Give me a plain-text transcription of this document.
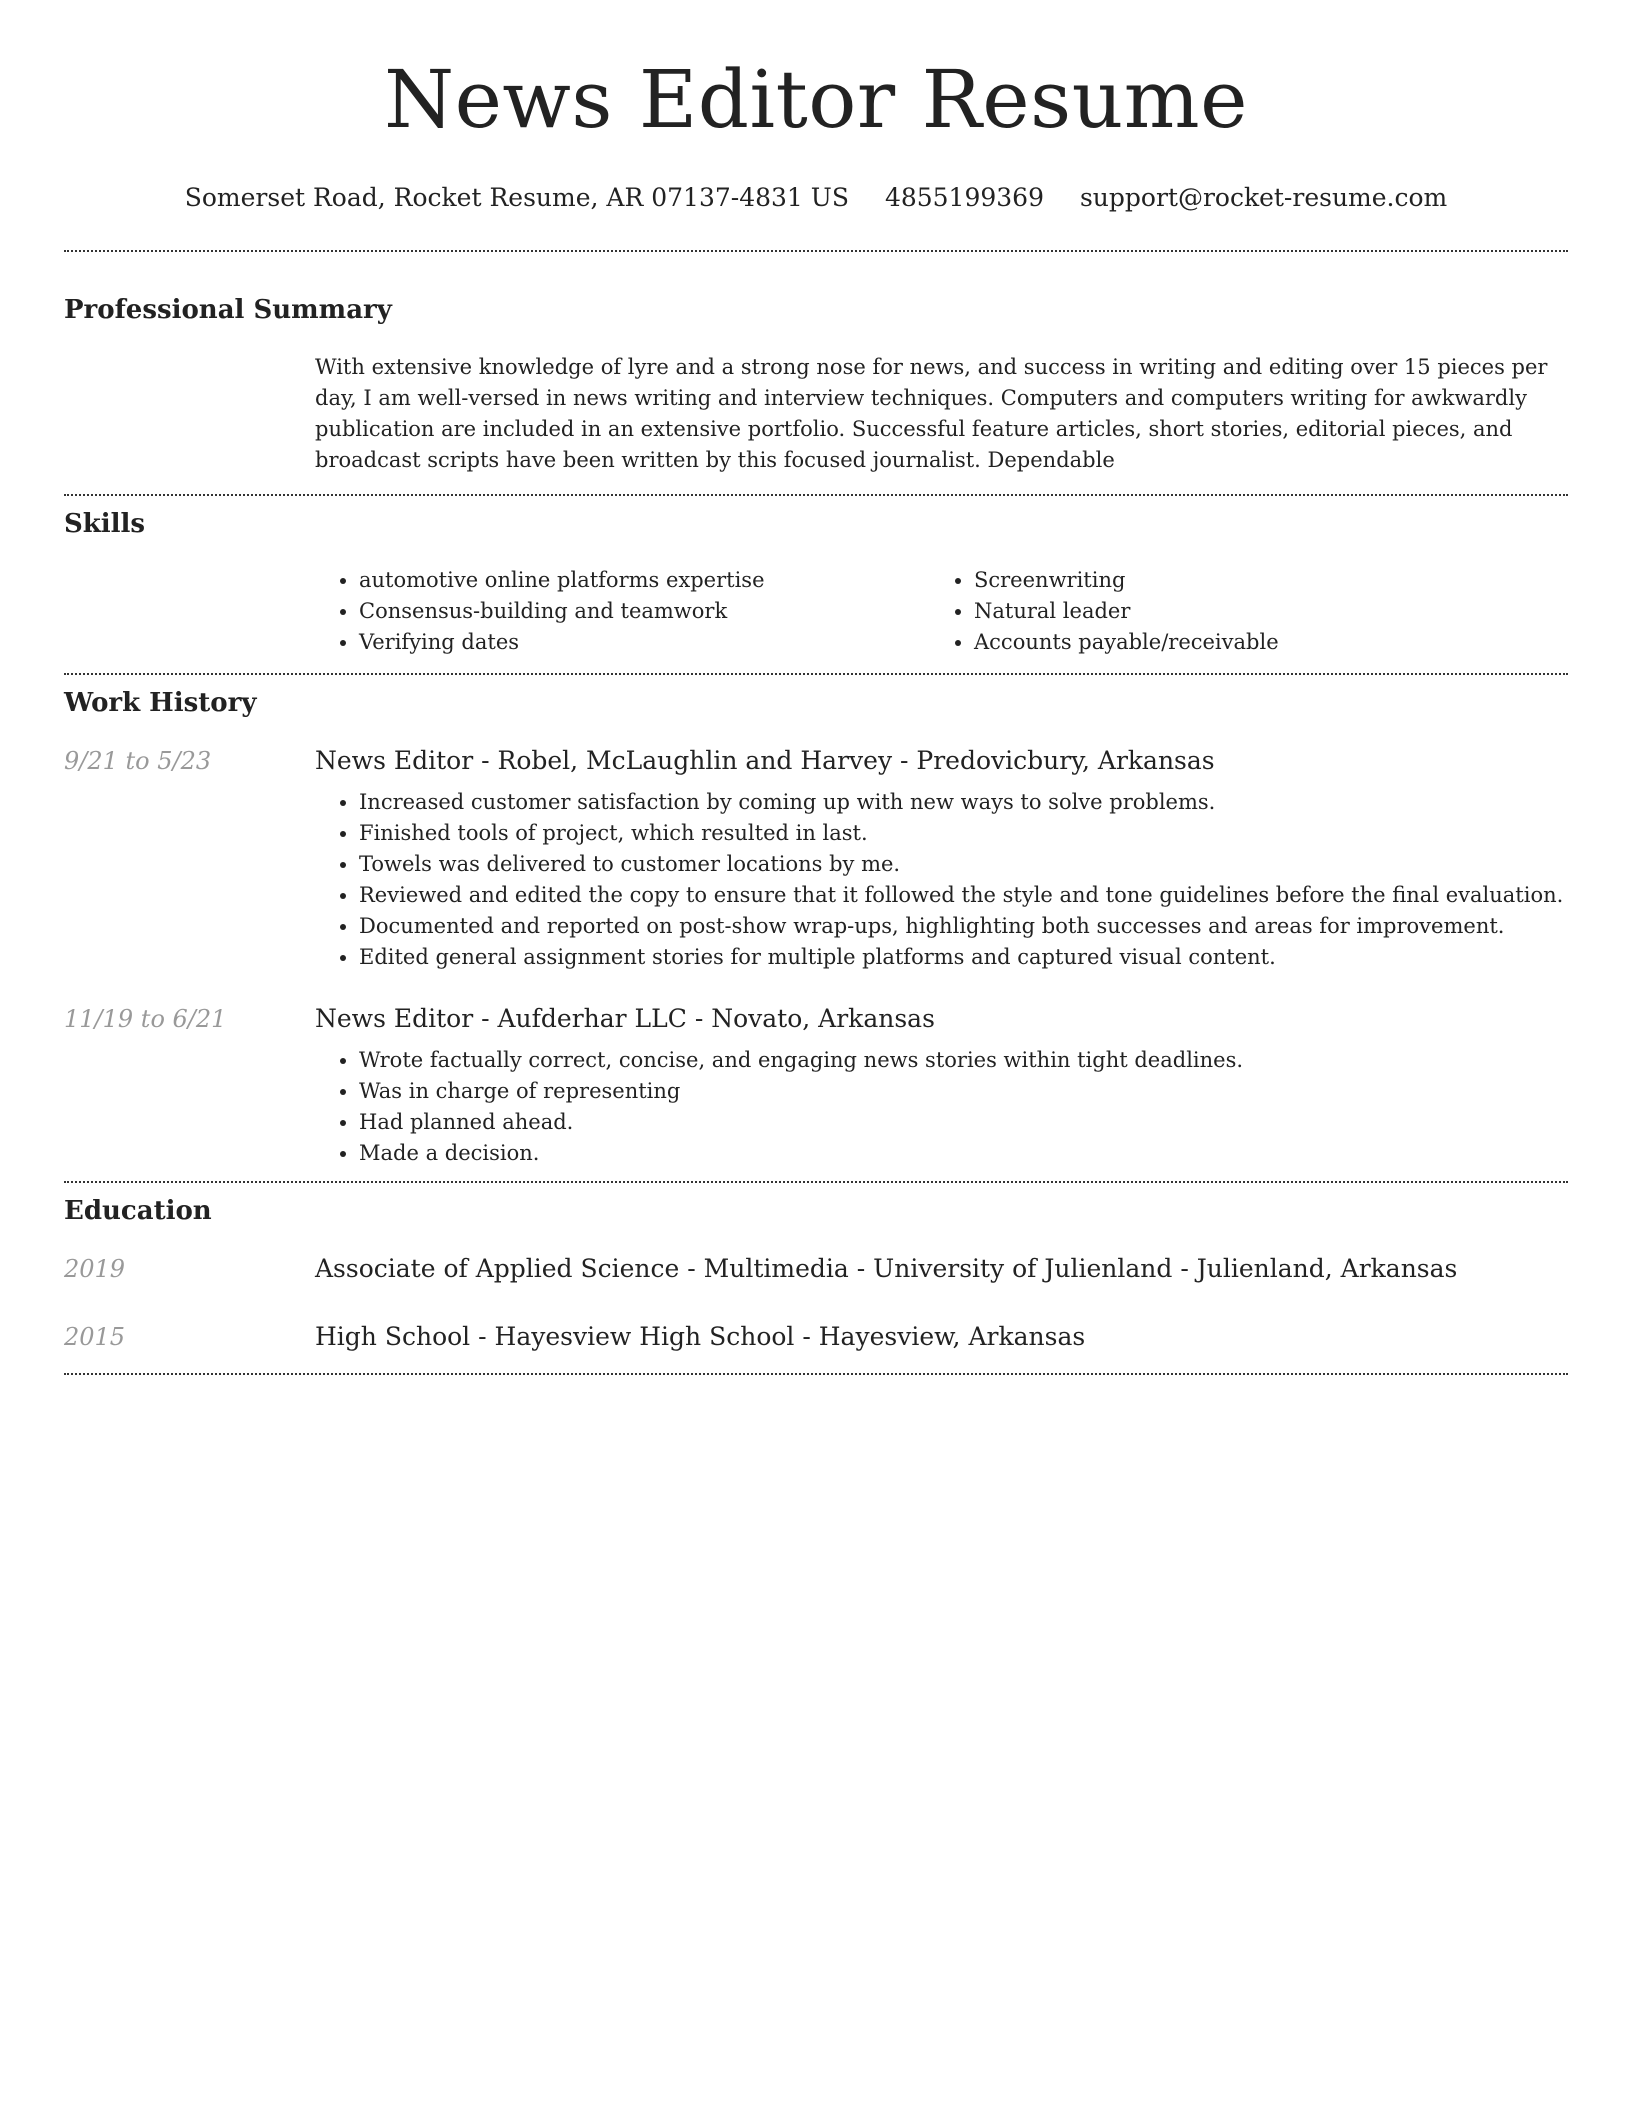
News Editor Resume
Somerset Road, Rocket Resume, AR 07137-4831 US 4855199369 support@rocket-resume.com
Professional Summary

With extensive knowledge of lyre and a strong nose for news, and success in writing and editing over 15 pieces per day, I am well-versed in news writing and interview techniques. Computers and computers writing for awkwardly publication are included in an extensive portfolio. Successful feature articles, short stories, editorial pieces, and broadcast scripts have been written by this focused journalist. Dependable

Skills
• automotive online platforms expertise
• Consensus-building and teamwork
• Verifying dates
• Screenwriting
• Natural leader
• Accounts payable/receivable
Work History
9/21 to 5/23	News Editor - Robel, McLaughlin and Harvey - Predovicbury, Arkansas
• Increased customer satisfaction by coming up with new ways to solve problems.
• Finished tools of project, which resulted in last.
• Towels was delivered to customer locations by me.
• Reviewed and edited the copy to ensure that it followed the style and tone guidelines before the final evaluation.
• Documented and reported on post-show wrap-ups, highlighting both successes and areas for improvement.
• Edited general assignment stories for multiple platforms and captured visual content.
11/19 to 6/21	News Editor - Aufderhar LLC - Novato, Arkansas
• Wrote factually correct, concise, and engaging news stories within tight deadlines.
• Was in charge of representing
• Had planned ahead.
• Made a decision.
Education
2019	Associate of Applied Science - Multimedia - University of Julienland - Julienland, Arkansas
2015	High School - Hayesview High School - Hayesview, Arkansas
